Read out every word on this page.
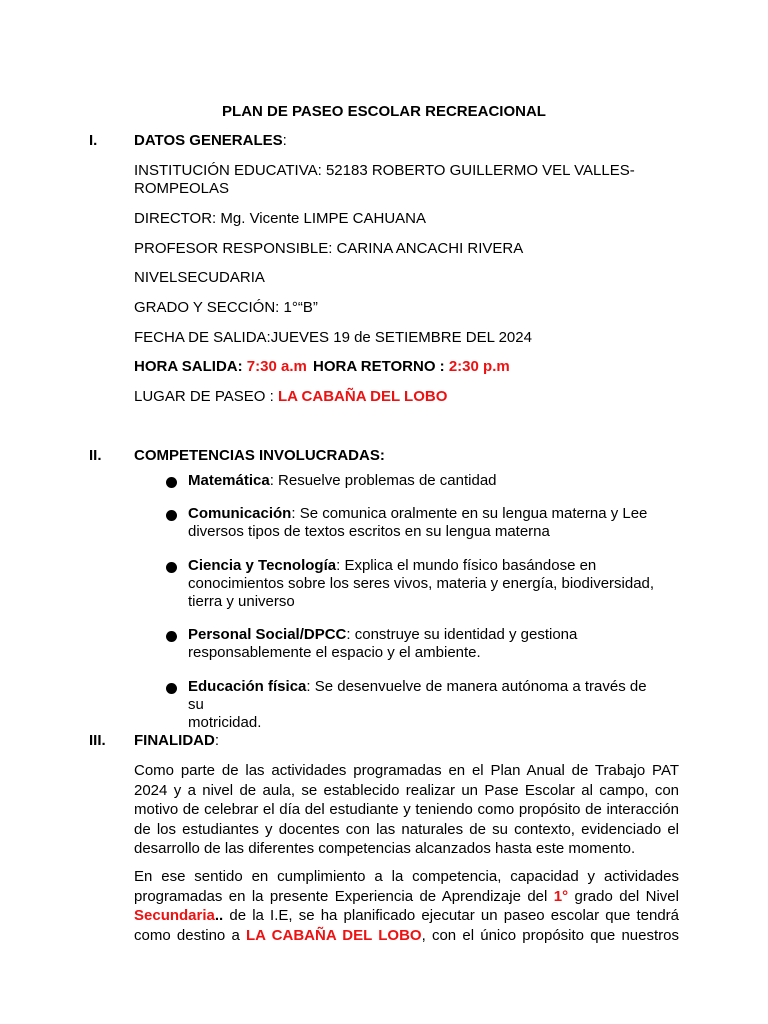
PLAN DE PASEO ESCOLAR RECREACIONAL
I. DATOS GENERALES:
INSTITUCIÓN EDUCATIVA: 52183 ROBERTO GUILLERMO VEL VALLES-
ROMPEOLAS
DIRECTOR: Mg. Vicente LIMPE CAHUANA
PROFESOR RESPONSIBLE: CARINA ANCACHI RIVERA
NIVELSECUDARIA
GRADO Y SECCIÓN: 1°“B”
FECHA DE SALIDA:JUEVES 19 de SETIEMBRE DEL 2024
HORA SALIDA: 7:30 a.m HORA RETORNO : 2:30 p.m
LUGAR DE PASEO : LA CABAÑA DEL LOBO
II. COMPETENCIAS INVOLUCRADAS:
Matemática: Resuelve problemas de cantidad
Comunicación: Se comunica oralmente en su lengua materna y Lee
diversos tipos de textos escritos en su lengua materna
Ciencia y Tecnología: Explica el mundo físico basándose en
conocimientos sobre los seres vivos, materia y energía, biodiversidad,
tierra y universo
Personal Social/DPCC: construye su identidad y gestiona
responsablemente el espacio y el ambiente.
Educación física: Se desenvuelve de manera autónoma a través de su
motricidad.
III. FINALIDAD:
Como parte de las actividades programadas en el Plan Anual de Trabajo PAT
2024 y a nivel de aula, se establecido realizar un Pase Escolar al campo, con
motivo de celebrar el día del estudiante y teniendo como propósito de interacción
de los estudiantes y docentes con las naturales de su contexto, evidenciado el
desarrollo de las diferentes competencias alcanzados hasta este momento.
En ese sentido en cumplimiento a la competencia, capacidad y actividades
programadas en la presente Experiencia de Aprendizaje del 1° grado del Nivel
Secundaria.. de la I.E, se ha planificado ejecutar un paseo escolar que tendrá
como destino a LA CABAÑA DEL LOBO, con el único propósito que nuestros
